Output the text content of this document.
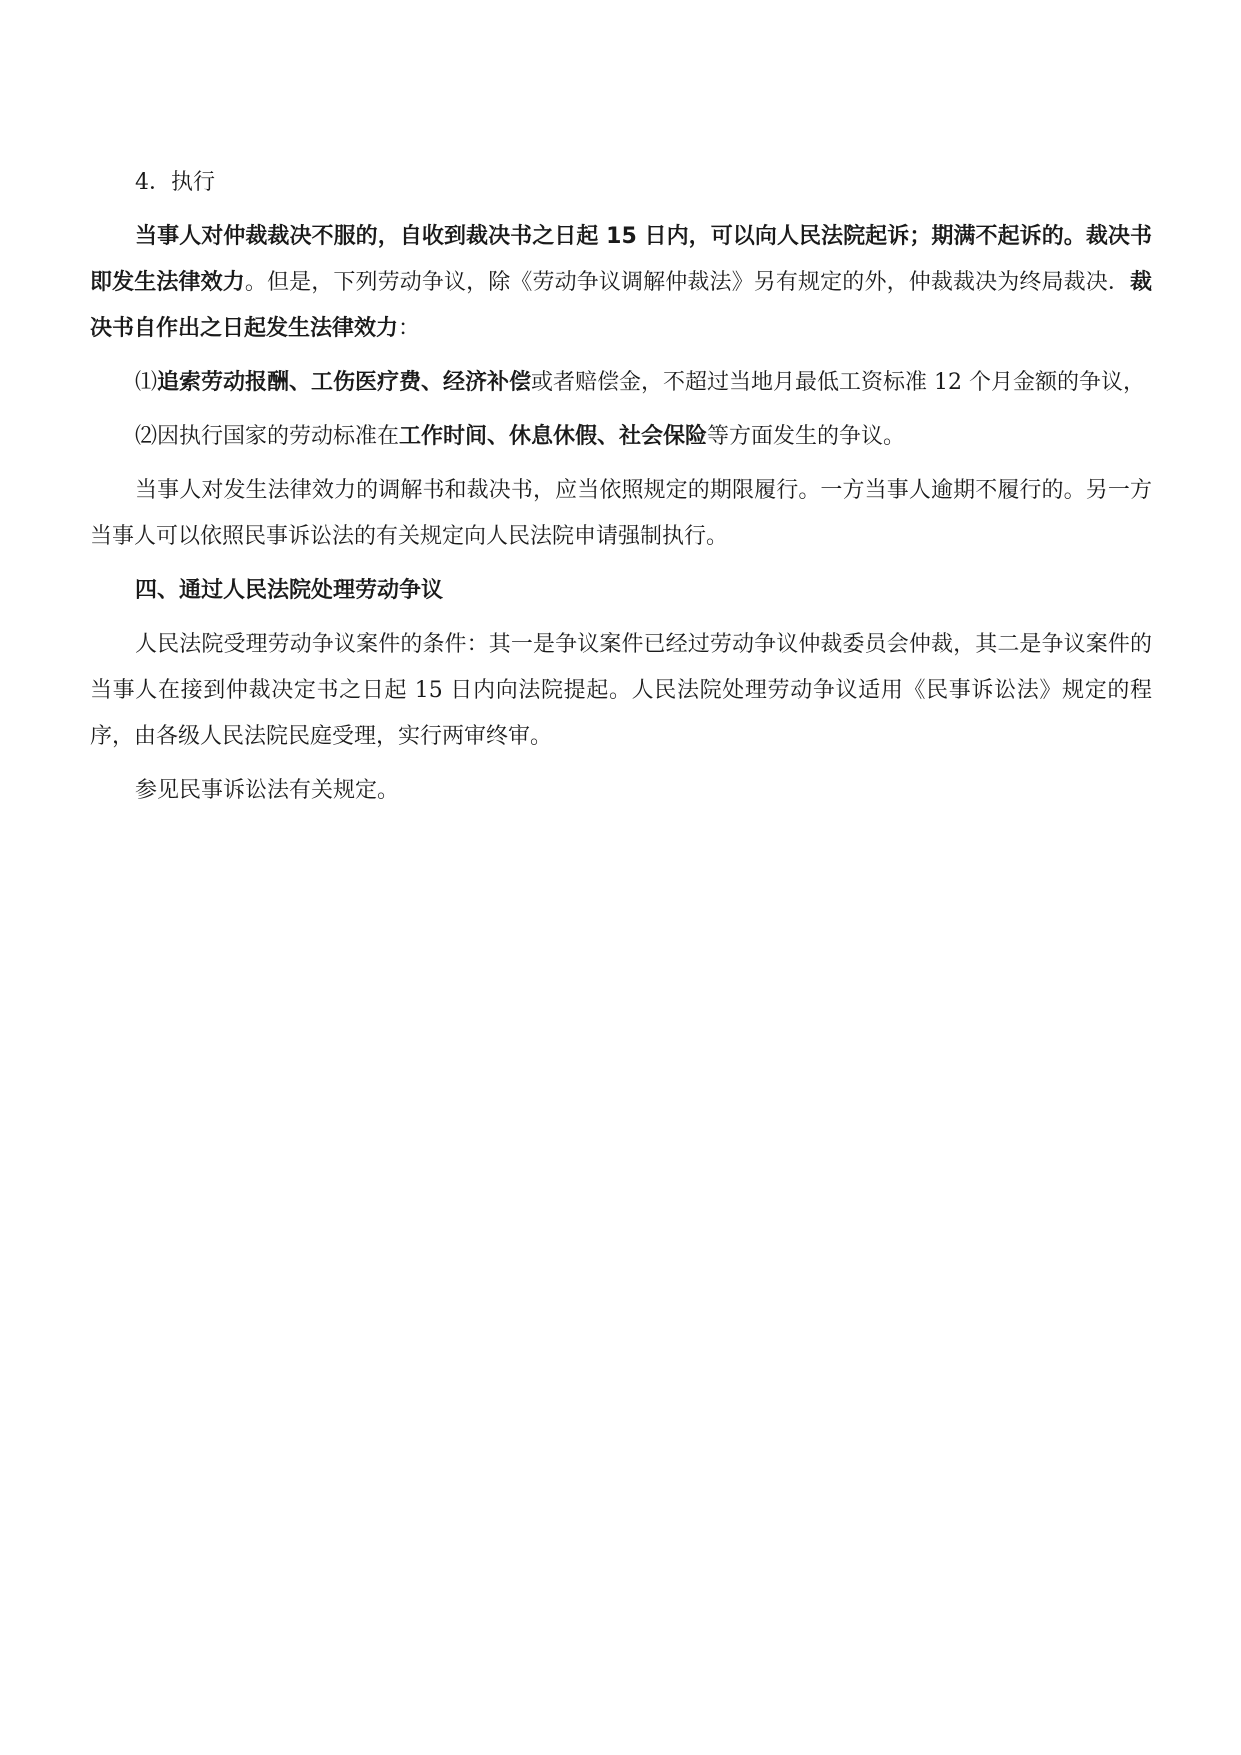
4．执行

当事人对仲裁裁决不服的，自收到裁决书之日起 15 日内，可以向人民法院起诉；期满不起诉的。裁决书即发生法律效力。但是，下列劳动争议，除《劳动争议调解仲裁法》另有规定的外，仲裁裁决为终局裁决．裁决书自作出之日起发生法律效力：

⑴追索劳动报酬、工伤医疗费、经济补偿或者赔偿金，不超过当地月最低工资标准 12 个月金额的争议，

⑵因执行国家的劳动标准在工作时间、休息休假、社会保险等方面发生的争议。

当事人对发生法律效力的调解书和裁决书，应当依照规定的期限履行。一方当事人逾期不履行的。另一方当事人可以依照民事诉讼法的有关规定向人民法院申请强制执行。

四、通过人民法院处理劳动争议

人民法院受理劳动争议案件的条件：其一是争议案件已经过劳动争议仲裁委员会仲裁，其二是争议案件的当事人在接到仲裁决定书之日起 15 日内向法院提起。人民法院处理劳动争议适用《民事诉讼法》规定的程序，由各级人民法院民庭受理，实行两审终审。

参见民事诉讼法有关规定。
